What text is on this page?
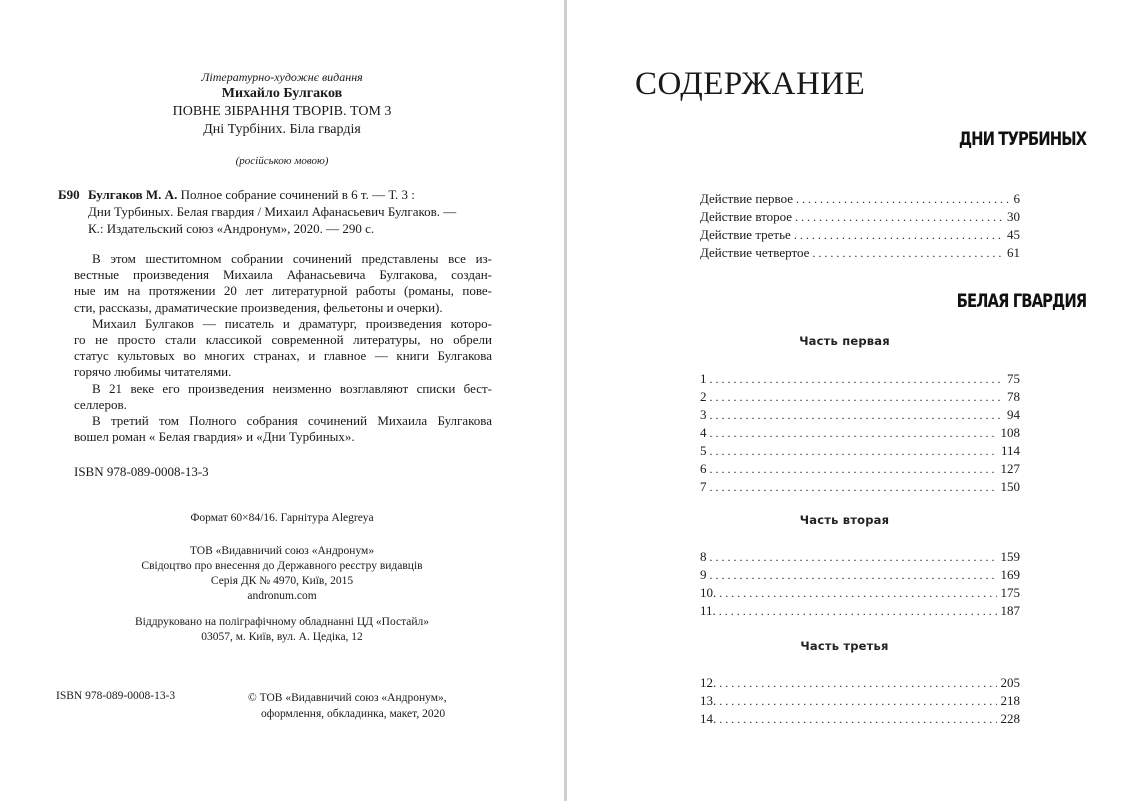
Літературно-художнє видання
Михайло Булгаков
ПОВНЕ ЗІБРАННЯ ТВОРІВ. ТОМ 3
Дні Турбіних. Біла гвардія
(російською мовою)
Б90 Булгаков М. А. Полное собрание сочинений в 6 т. — Т. 3 :
Дни Турбиных. Белая гвардия / Михаил Афанасьевич Булгаков. —
К.: Издательский союз «Андронум», 2020. — 290 с.
В этом шеститомном собрании сочинений представлены все из-
вестные произведения Михаила Афанасьевича Булгакова, создан-
ные им на протяжении 20 лет литературной работы (романы, пове-
сти, рассказы, драматические произведения, фельетоны и очерки).
Михаил Булгаков — писатель и драматург, произведения которо-
го не просто стали классикой современной литературы, но обрели
статус культовых во многих странах, и главное — книги Булгакова
горячо любимы читателями.
В 21 веке его произведения неизменно возглавляют списки бест-
селлеров.
В третий том Полного собрания сочинений Михаила Булгакова
вошел роман « Белая гвардия» и «Дни Турбиных».
ISBN 978-089-0008-13-3
Формат 60×84/16. Гарнітура Alegreya
ТОВ «Видавничий союз «Андронум»
Свідоцтво про внесення до Державного реєстру видавців
Серія ДК № 4970, Київ, 2015
andronum.com
Віддруковано на поліграфічному обладнанні ЦД «Постайл»
03057, м. Київ, вул. А. Цедіка, 12
ISBN 978-089-0008-13-3	© ТОВ «Видавничий союз «Андронум»,
оформлення, обкладинка, макет, 2020
СОДЕРЖАНИЕ
ДНИ ТУРБИНЫХ
Действие первое . . .	6
Действие второе . . .	30
Действие третье . . .	45
Действие четвертое . . .	61
БЕЛАЯ ГВАРДИЯ
Часть первая
1 . . .	75
2 . . .	78
3 . . .	94
4 . . .	108
5 . . .	114
6 . . .	127
7 . . .	150
Часть вторая
8 . . .	159
9 . . .	169
10. . . .	175
11. . . .	187
Часть третья
12. . . .	205
13. . . .	218
14. . . .	228
